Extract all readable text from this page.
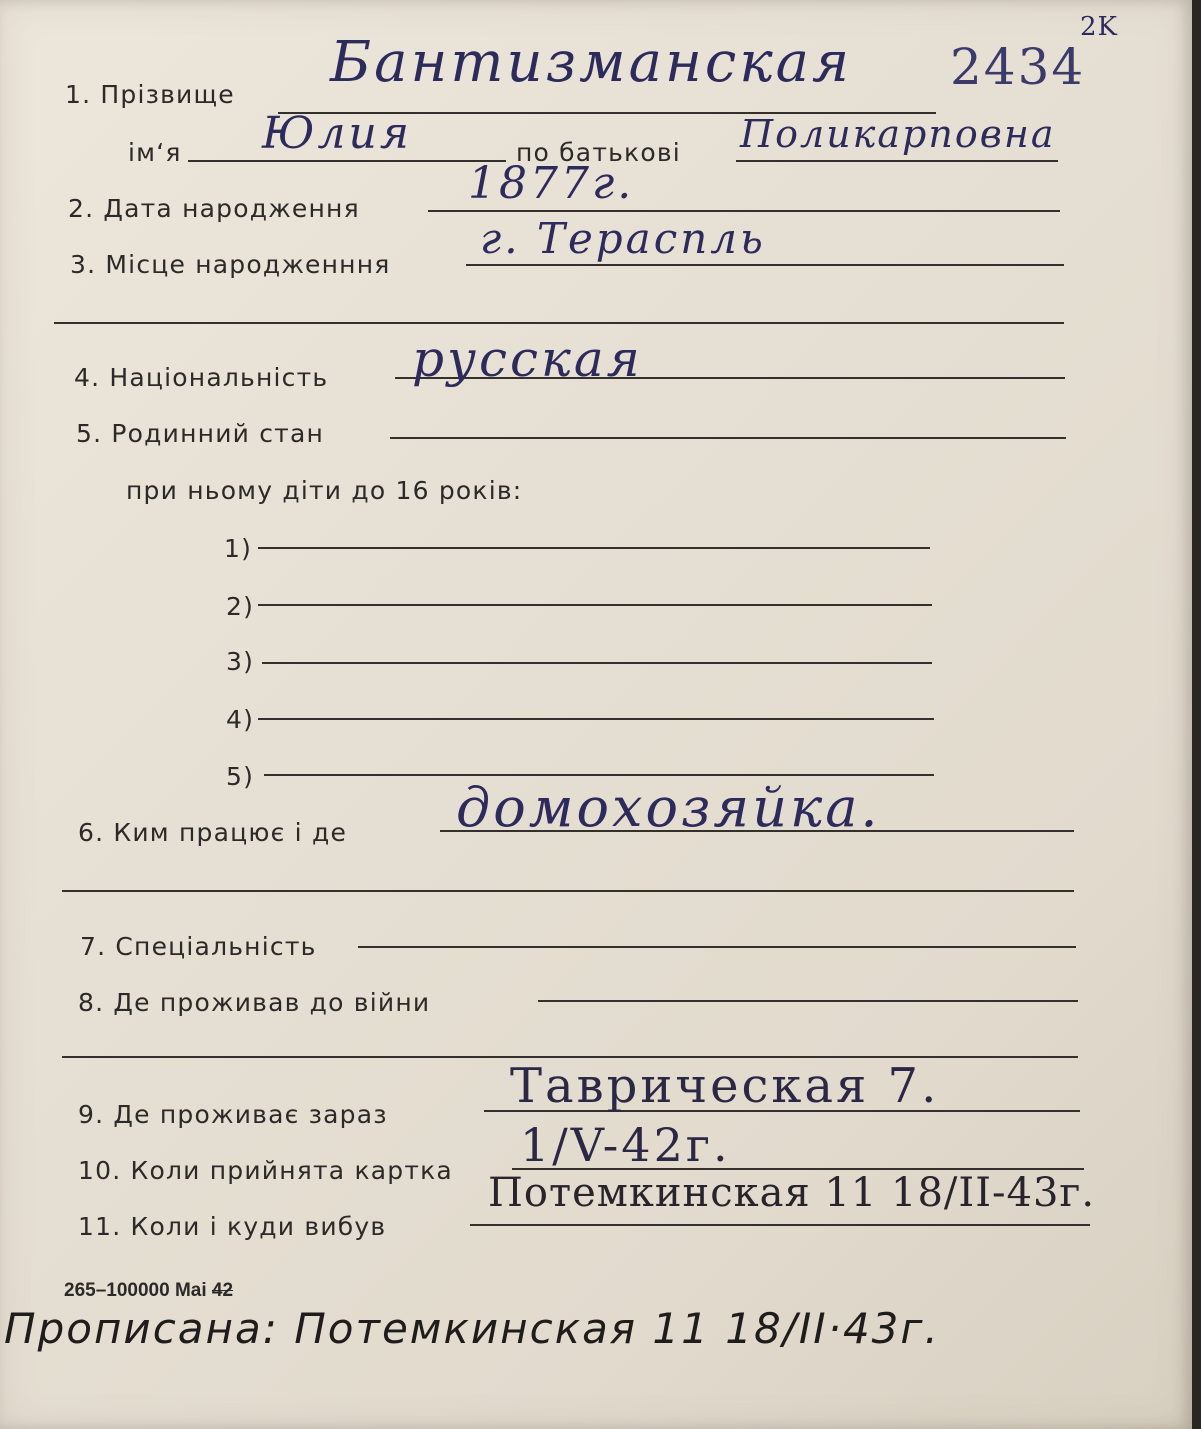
2K
2434
1. Прізвище Бантизманская
ім‘я Юлия	по батькові Поликарповна
2. Дата народження 1877г.
3. Місце народженння
г. Тераспль
4. Національність русская
5. Родинний стан
при ньому діти до 16 років:
1)
2)
3)
4)
5)
6. Ким працює і де домохозяйка.
7. Спеціальність
8. Де проживав до війни
9. Де проживає зараз
Таврическая 7.
10. Коли прийнята картка 1/V-42г.
11. Коли і куди вибув
Потемкинская 11 18/II-43г.
265–100000 Mai 42
Прописана: Потемкинская 11 18/II·43г.
